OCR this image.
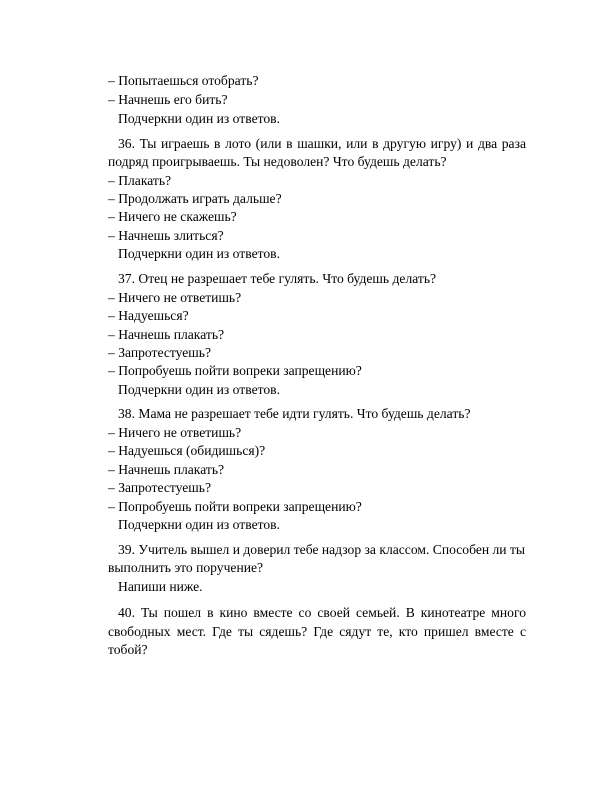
– Попытаешься отобрать?
– Начнешь его бить?
Подчеркни один из ответов.
36. Ты играешь в лото (или в шашки, или в другую игру) и два раза
подряд проигрываешь. Ты недоволен? Что будешь делать?
– Плакать?
– Продолжать играть дальше?
– Ничего не скажешь?
– Начнешь злиться?
Подчеркни один из ответов.
37. Отец не разрешает тебе гулять. Что будешь делать?
– Ничего не ответишь?
– Надуешься?
– Начнешь плакать?
– Запротестуешь?
– Попробуешь пойти вопреки запрещению?
Подчеркни один из ответов.
38. Мама не разрешает тебе идти гулять. Что будешь делать?
– Ничего не ответишь?
– Надуешься (обидишься)?
– Начнешь плакать?
– Запротестуешь?
– Попробуешь пойти вопреки запрещению?
Подчеркни один из ответов.
39. Учитель вышел и доверил тебе надзор за классом. Способен ли ты
выполнить это поручение?
Напиши ниже.
40. Ты пошел в кино вместе со своей семьей. В кинотеатре много
свободных мест. Где ты сядешь? Где сядут те, кто пришел вместе с
тобой?
